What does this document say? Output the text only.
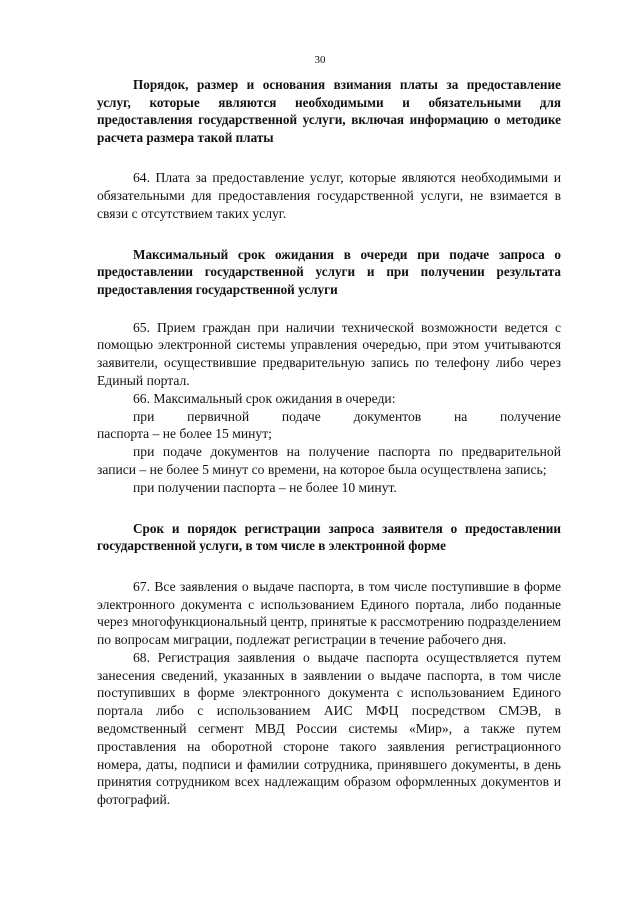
30
Порядок, размер и основания взимания платы за предоставление услуг, которые являются необходимыми и обязательными для предоставления государственной услуги, включая информацию о методике расчета размера такой платы

64. Плата за предоставление услуг, которые являются необходимыми и обязательными для предоставления государственной услуги, не взимается в связи с отсутствием таких услуг.

Максимальный срок ожидания в очереди при подаче запроса о предоставлении государственной услуги и при получении результата предоставления государственной услуги

65. Прием граждан при наличии технической возможности ведется с помощью электронной системы управления очередью, при этом учитываются заявители, осуществившие предварительную запись по телефону либо через Единый портал.

66. Максимальный срок ожидания в очереди:

при первичной подаче документов на получение

паспорта – не более 15 минут;

при подаче документов на получение паспорта по предварительной записи – не более 5 минут со времени, на которое была осуществлена запись;

при получении паспорта – не более 10 минут.

Срок и порядок регистрации запроса заявителя о предоставлении государственной услуги, в том числе в электронной форме

67. Все заявления о выдаче паспорта, в том числе поступившие в форме электронного документа с использованием Единого портала, либо поданные через многофункциональный центр, принятые к рассмотрению подразделением по вопросам миграции, подлежат регистрации в течение рабочего дня.

68. Регистрация заявления о выдаче паспорта осуществляется путем занесения сведений, указанных в заявлении о выдаче паспорта, в том числе поступивших в форме электронного документа с использованием Единого портала либо с использованием АИС МФЦ посредством СМЭВ, в ведомственный сегмент МВД России системы «Мир», а также путем проставления на оборотной стороне такого заявления регистрационного номера, даты, подписи и фамилии сотрудника, принявшего документы, в день принятия сотрудником всех надлежащим образом оформленных документов и фотографий.
